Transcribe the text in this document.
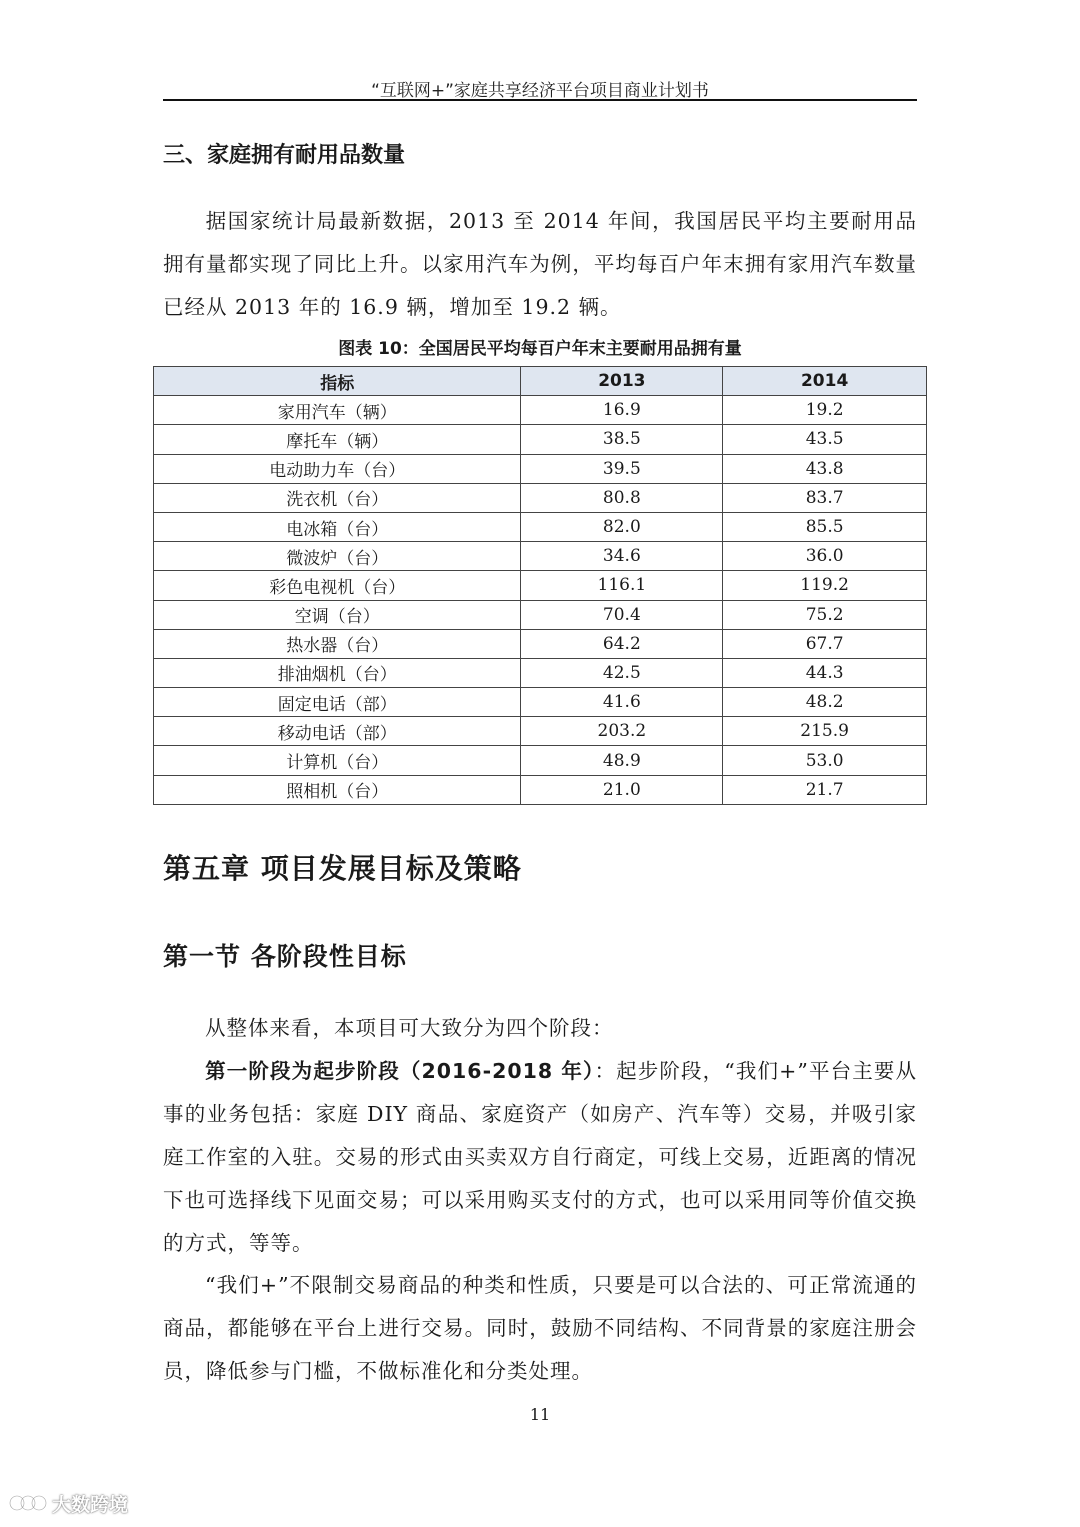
“互联网+”家庭共享经济平台项目商业计划书
三、家庭拥有耐用品数量

据国家统计局最新数据，2013 至 2014 年间，我国居民平均主要耐用品拥有量都实现了同比上升。以家用汽车为例，平均每百户年末拥有家用汽车数量已经从 2013 年的 16.9 辆，增加至 19.2 辆。

图表 10：全国居民平均每百户年末主要耐用品拥有量
指标	2013	2014
家用汽车（辆）	16.9	19.2
摩托车（辆）	38.5	43.5
电动助力车（台）	39.5	43.8
洗衣机（台）	80.8	83.7
电冰箱（台）	82.0	85.5
微波炉（台）	34.6	36.0
彩色电视机（台）	116.1	119.2
空调（台）	70.4	75.2
热水器（台）	64.2	67.7
排油烟机（台）	42.5	44.3
固定电话（部）	41.6	48.2
移动电话（部）	203.2	215.9
计算机（台）	48.9	53.0
照相机（台）	21.0	21.7
第五章 项目发展目标及策略
第一节 各阶段性目标

从整体来看，本项目可大致分为四个阶段：

第一阶段为起步阶段（2016-2018 年）：起步阶段，“我们+”平台主要从事的业务包括：家庭 DIY 商品、家庭资产（如房产、汽车等）交易，并吸引家庭工作室的入驻。交易的形式由买卖双方自行商定，可线上交易，近距离的情况下也可选择线下见面交易；可以采用购买支付的方式，也可以采用同等价值交换的方式，等等。

“我们+”不限制交易商品的种类和性质，只要是可以合法的、可正常流通的商品，都能够在平台上进行交易。同时，鼓励不同结构、不同背景的家庭注册会员，降低参与门槛，不做标准化和分类处理。

11
大数跨境
